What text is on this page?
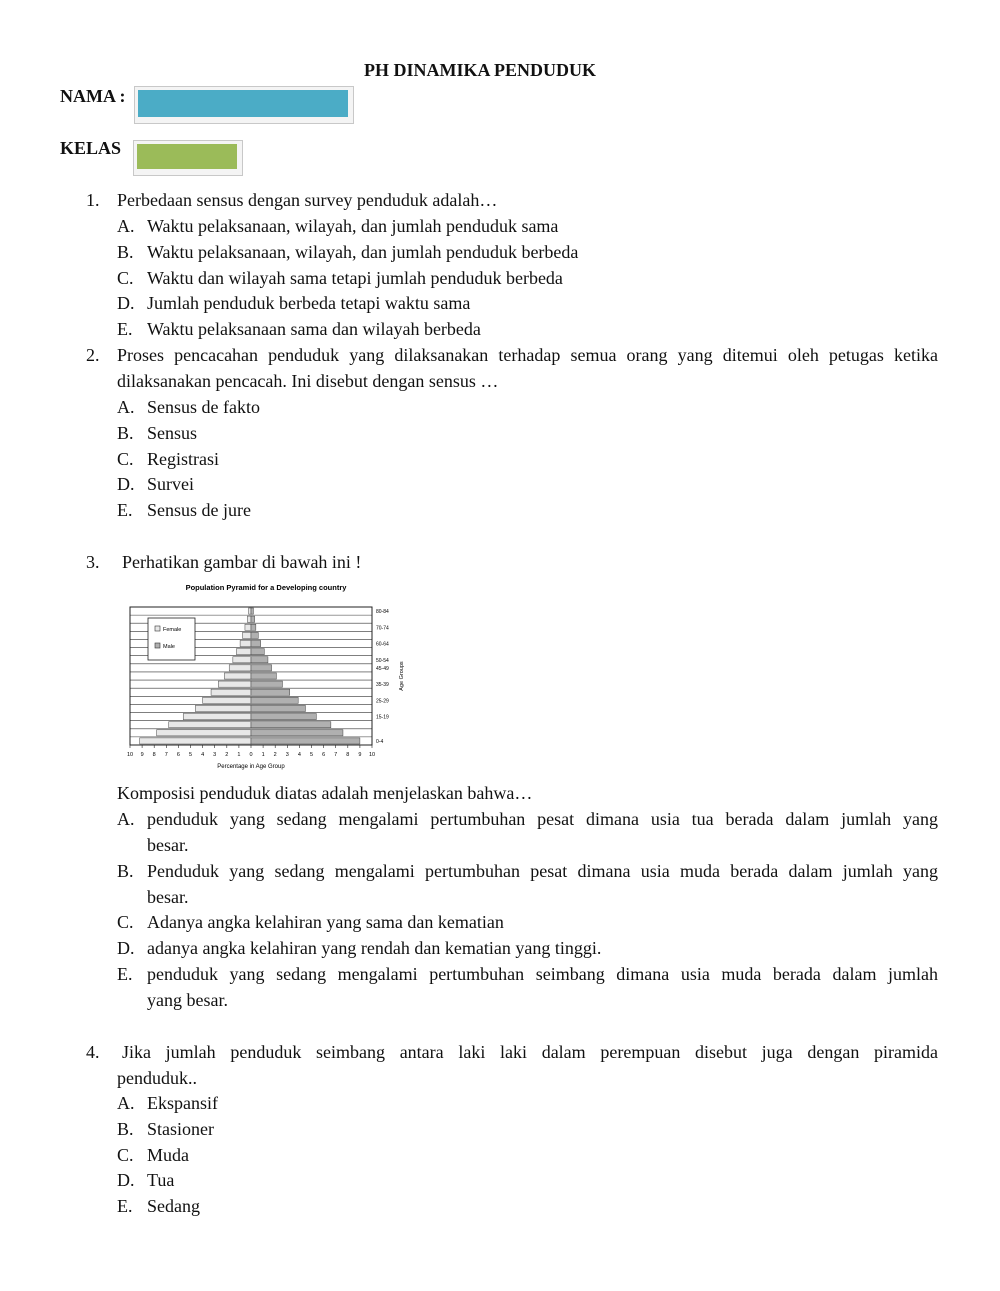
PH DINAMIKA PENDUDUK
NAMA :
KELAS
1. Perbedaan sensus dengan survey penduduk adalah…
A. Waktu pelaksanaan, wilayah, dan jumlah penduduk sama
B. Waktu pelaksanaan, wilayah, dan jumlah penduduk berbeda
C. Waktu dan wilayah sama tetapi jumlah penduduk berbeda
D. Jumlah penduduk berbeda tetapi waktu sama
E. Waktu pelaksanaan sama dan wilayah berbeda
2. Proses pencacahan penduduk yang dilaksanakan terhadap semua orang yang ditemui oleh petugas ketika
dilaksanakan pencacah. Ini disebut dengan sensus …
A. Sensus de fakto
B. Sensus
C. Registrasi
D. Survei
E. Sensus de jure
3. Perhatikan gambar di bawah ini !
Population Pyramid for a Developing country
Female
Male
10 9 8 7 6 5 4 3 2 1 0 1 2 3 4 5 6 7 8 9 10
80-84
70-74
60-64
50-54
45-49
35-39
25-29
15-19
0-4
Percentage in Age Group
Age Groups
Komposisi penduduk diatas adalah menjelaskan bahwa…
A. penduduk yang sedang mengalami pertumbuhan pesat dimana usia tua berada dalam jumlah yang
besar.
B. Penduduk yang sedang mengalami pertumbuhan pesat dimana usia muda berada dalam jumlah yang
besar.
C. Adanya angka kelahiran yang sama dan kematian
D. adanya angka kelahiran yang rendah dan kematian yang tinggi.
E. penduduk yang sedang mengalami pertumbuhan seimbang dimana usia muda berada dalam jumlah
yang besar.
4. Jika jumlah penduduk seimbang antara laki laki dalam perempuan disebut juga dengan piramida
penduduk..
A. Ekspansif
B. Stasioner
C. Muda
D. Tua
E. Sedang
